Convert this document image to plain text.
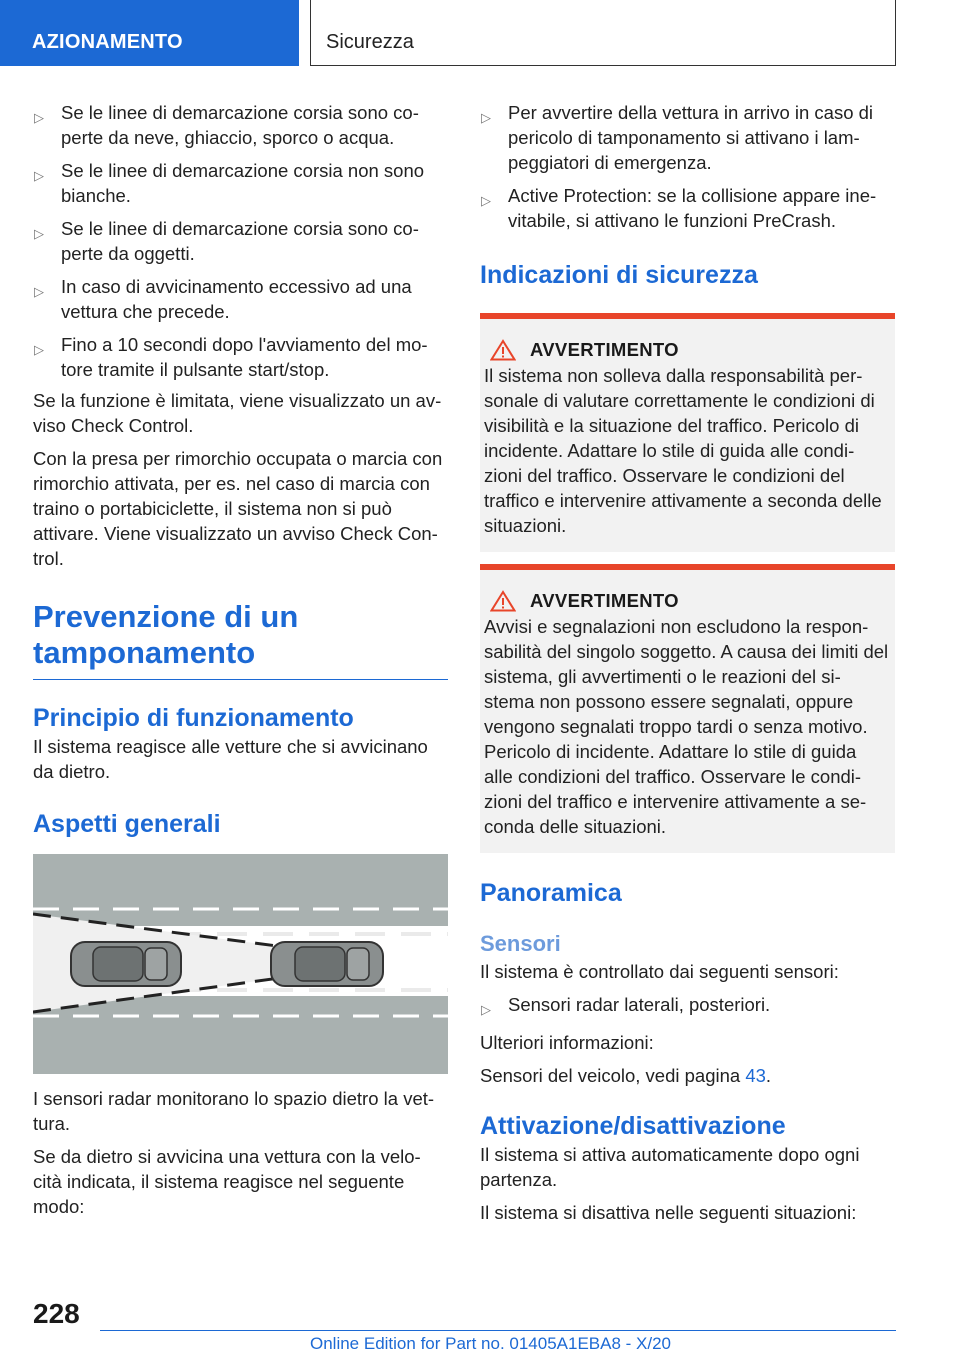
AZIONAMENTO	Sicurezza
▷ Se le linee di demarcazione corsia sono co-perte da neve, ghiaccio, sporco o acqua.
▷ Se le linee di demarcazione corsia non sono bianche.
▷ Se le linee di demarcazione corsia sono co-perte da oggetti.
▷ In caso di avvicinamento eccessivo ad una vettura che precede.
▷ Fino a 10 secondi dopo l'avviamento del mo-tore tramite il pulsante start/stop.

Se la funzione è limitata, viene visualizzato un av-viso Check Control.

Con la presa per rimorchio occupata o marcia con rimorchio attivata, per es. nel caso di marcia con traino o portabiciclette, il sistema non si può attivare. Viene visualizzato un avviso Check Con-trol.

Prevenzione di un tamponamento
Principio di funzionamento

Il sistema reagisce alle vetture che si avvicinano da dietro.

Aspetti generali

I sensori radar monitorano lo spazio dietro la vet-tura.

Se da dietro si avvicina una vettura con la velo-cità indicata, il sistema reagisce nel seguente modo:

▷ Per avvertire della vettura in arrivo in caso di pericolo di tamponamento si attivano i lam-peggiatori di emergenza.
▷ Active Protection: se la collisione appare ine-vitabile, si attivano le funzioni PreCrash.
Indicazioni di sicurezza
AVVERTIMENTO

Il sistema non solleva dalla responsabilità per-sonale di valutare correttamente le condizioni di visibilità e la situazione del traffico. Pericolo di incidente. Adattare lo stile di guida alle condi-zioni del traffico. Osservare le condizioni del traffico e intervenire attivamente a seconda delle situazioni.

AVVERTIMENTO

Avvisi e segnalazioni non escludono la respon-sabilità del singolo soggetto. A causa dei limiti del sistema, gli avvertimenti o le reazioni del si-stema non possono essere segnalati, oppure vengono segnalati troppo tardi o senza motivo. Pericolo di incidente. Adattare lo stile di guida alle condizioni del traffico. Osservare le condi-zioni del traffico e intervenire attivamente a se-conda delle situazioni.

Panoramica
Sensori

Il sistema è controllato dai seguenti sensori:

▷ Sensori radar laterali, posteriori.

Ulteriori informazioni:

Sensori del veicolo, vedi pagina 43.

Attivazione/disattivazione

Il sistema si attiva automaticamente dopo ogni partenza.

Il sistema si disattiva nelle seguenti situazioni:

228
Online Edition for Part no. 01405A1EBA8 - X/20
